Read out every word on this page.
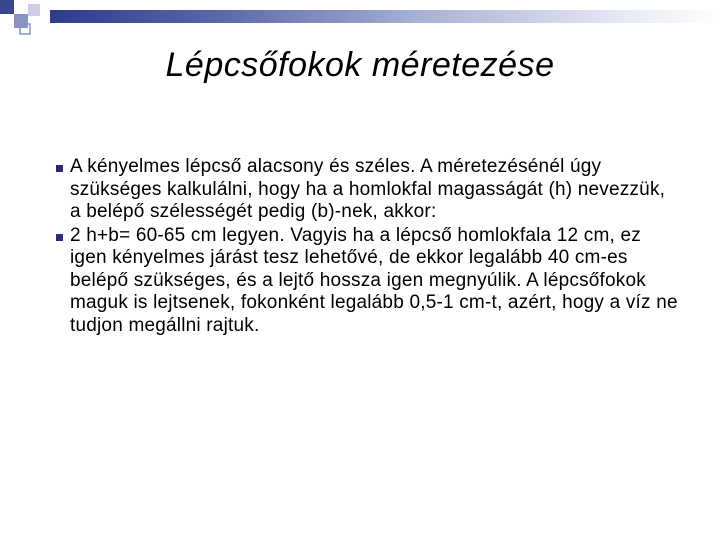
Lépcsőfokok méretezése
A kényelmes lépcső alacsony és széles. A méretezésénél úgy szükséges kalkulálni, hogy ha a homlokfal magasságát (h) nevezzük, a belépő szélességét pedig (b)-nek, akkor:
2 h+b= 60-65 cm legyen. Vagyis ha a lépcső homlokfala 12 cm, ez igen kényelmes járást tesz lehetővé, de ekkor legalább 40 cm-es belépő szükséges, és a lejtő hossza igen megnyúlik. A lépcsőfokok maguk is lejtsenek, fokonként legalább 0,5-1 cm-t, azért, hogy a víz ne tudjon megállni rajtuk.
